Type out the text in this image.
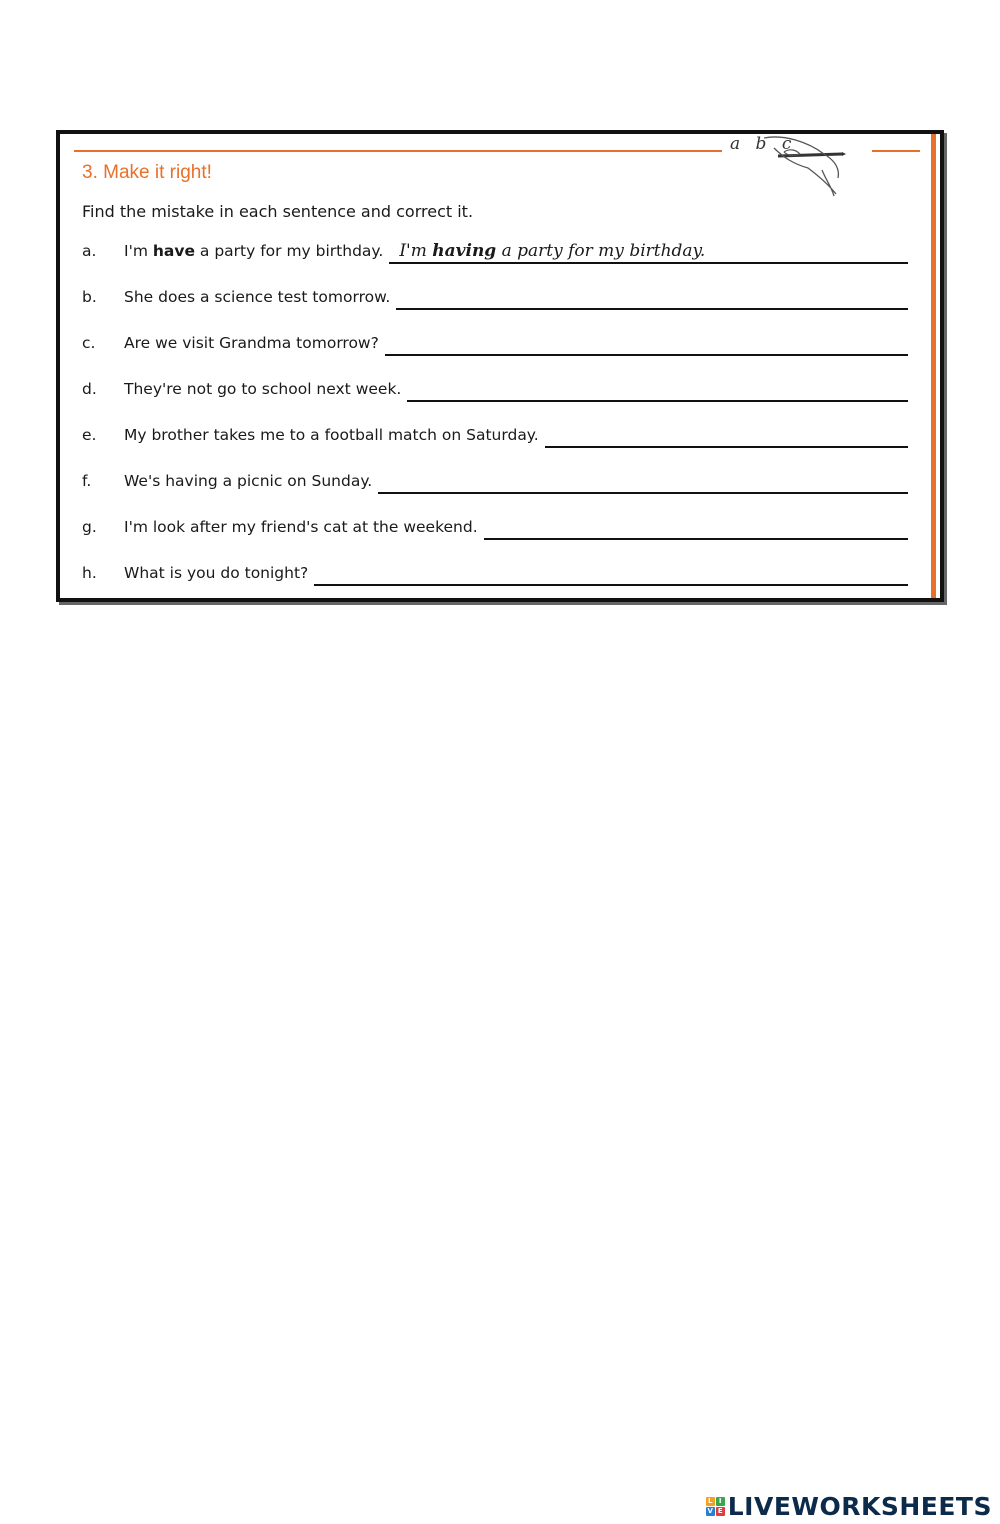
a b c
3. Make it right!
Find the mistake in each sentence and correct it.
a.	I'm have a party for my birthday. I'm having a party for my birthday.
b.	She does a science test tomorrow.
c.	Are we visit Grandma tomorrow?
d.	They're not go to school next week.
e.	My brother takes me to a football match on Saturday.
f.	We's having a picnic on Sunday.
g.	I'm look after my friend's cat at the weekend.
h.	What is you do tonight?
L I
V E LIVEWORKSHEETS
